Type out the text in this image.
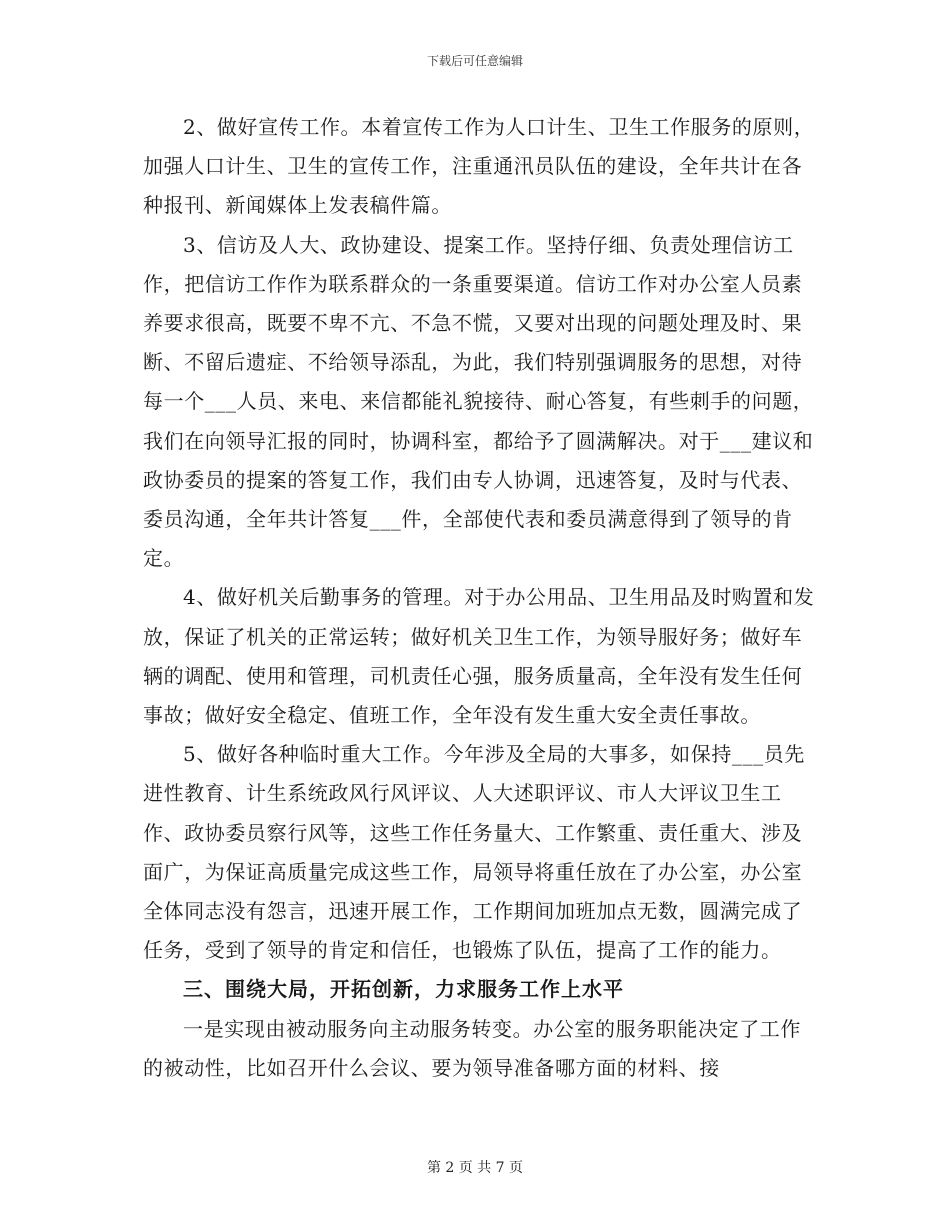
下载后可任意编辑

2、做好宣传工作。本着宣传工作为人口计生、卫生工作服务的原则，加强人口计生、卫生的宣传工作，注重通汛员队伍的建设，全年共计在各种报刊、新闻媒体上发表稿件篇。

3、信访及人大、政协建设、提案工作。坚持仔细、负责处理信访工作，把信访工作作为联系群众的一条重要渠道。信访工作对办公室人员素养要求很高，既要不卑不亢、不急不慌，又要对出现的问题处理及时、果断、不留后遗症、不给领导添乱，为此，我们特别强调服务的思想，对待每一个___人员、来电、来信都能礼貌接待、耐心答复，有些刺手的问题，我们在向领导汇报的同时，协调科室，都给予了圆满解决。对于___建议和政协委员的提案的答复工作，我们由专人协调，迅速答复，及时与代表、委员沟通，全年共计答复___件，全部使代表和委员满意得到了领导的肯定。

4、做好机关后勤事务的管理。对于办公用品、卫生用品及时购置和发放，保证了机关的正常运转；做好机关卫生工作，为领导服好务；做好车辆的调配、使用和管理，司机责任心强，服务质量高，全年没有发生任何事故；做好安全稳定、值班工作，全年没有发生重大安全责任事故。

5、做好各种临时重大工作。今年涉及全局的大事多，如保持___员先进性教育、计生系统政风行风评议、人大述职评议、市人大评议卫生工作、政协委员察行风等，这些工作任务量大、工作繁重、责任重大、涉及面广，为保证高质量完成这些工作，局领导将重任放在了办公室，办公室全体同志没有怨言，迅速开展工作，工作期间加班加点无数，圆满完成了任务，受到了领导的肯定和信任，也锻炼了队伍，提高了工作的能力。

三、围绕大局，开拓创新，力求服务工作上水平

一是实现由被动服务向主动服务转变。办公室的服务职能决定了工作的被动性，比如召开什么会议、要为领导准备哪方面的材料、接

第 2 页 共 7 页
